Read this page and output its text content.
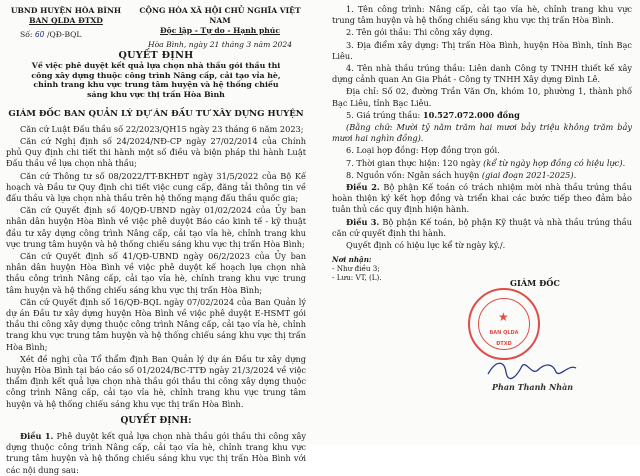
UBND HUYỆN HÒA BÌNH
BAN QLDA ĐTXD
Số: 60 /QĐ-BQL
CỘNG HÒA XÃ HỘI CHỦ NGHĨA VIỆT NAM
Độc lập - Tự do - Hạnh phúc
Hòa Bình, ngày 21 tháng 3 năm 2024
QUYẾT ĐỊNH
Về việc phê duyệt kết quả lựa chọn nhà thầu gói thầu thi công xây dựng thuộc công trình Nâng cấp, cải tạo vỉa hè, chỉnh trang khu vực trung tâm huyện và hệ thống chiếu sáng khu vực thị trấn Hòa Bình
GIÁM ĐỐC BAN QUẢN LÝ DỰ ÁN ĐẦU TƯ XÂY DỰNG HUYỆN

Căn cứ Luật Đấu thầu số 22/2023/QH15 ngày 23 tháng 6 năm 2023;

Căn cứ Nghị định số 24/2024/NĐ-CP ngày 27/02/2014 của Chính phủ Quy định chi tiết thi hành một số điều và biện pháp thi hành Luật Đấu thầu về lựa chọn nhà thầu;

Căn cứ Thông tư số 08/2022/TT-BKHĐT ngày 31/5/2022 của Bộ Kế hoạch và Đầu tư Quy định chi tiết việc cung cấp, đăng tải thông tin về đấu thầu và lựa chọn nhà thầu trên hệ thống mạng đấu thầu quốc gia;

Căn cứ Quyết định số 40/QĐ-UBND ngày 01/02/2024 của Ủy ban nhân dân huyện Hòa Bình về việc phê duyệt Báo cáo kinh tế - kỹ thuật đầu tư xây dựng công trình Nâng cấp, cải tạo vỉa hè, chỉnh trang khu vực trung tâm huyện và hệ thống chiếu sáng khu vực thị trấn Hòa Bình;

Căn cứ Quyết định số 41/QĐ-UBND ngày 06/2/2023 của Ủy ban nhân dân huyện Hòa Bình về việc phê duyệt kế hoạch lựa chọn nhà thầu công trình Nâng cấp, cải tạo vỉa hè, chỉnh trang khu vực trung tâm huyện và hệ thống chiếu sáng khu vực thị trấn Hòa Bình;

Căn cứ Quyết định số 16/QĐ-BQL ngày 07/02/2024 của Ban Quản lý dự án Đầu tư xây dựng huyện Hòa Bình về việc phê duyệt E-HSMT gói thầu thi công xây dựng thuộc công trình Nâng cấp, cải tạo vỉa hè, chỉnh trang khu vực trung tâm huyện và hệ thống chiếu sáng khu vực thị trấn Hòa Bình;

Xét đề nghị của Tổ thẩm định Ban Quản lý dự án Đầu tư xây dựng huyện Hòa Bình tại báo cáo số 01/2024/BC-TTĐ ngày 21/3/2024 về việc thẩm định kết quả lựa chọn nhà thầu gói thầu thi công xây dựng thuộc công trình Nâng cấp, cải tạo vỉa hè, chỉnh trang khu vực trung tâm huyện và hệ thống chiếu sáng khu vực thị trấn Hòa Bình.

QUYẾT ĐỊNH:

Điều 1. Phê duyệt kết quả lựa chọn nhà thầu gói thầu thi công xây dựng thuộc công trình Nâng cấp, cải tạo vỉa hè, chỉnh trang khu vực trung tâm huyện và hệ thống chiếu sáng khu vực thị trấn Hòa Bình với các nội dung sau:

1. Tên công trình: Nâng cấp, cải tạo vỉa hè, chỉnh trang khu vực trung tâm huyện và hệ thống chiếu sáng khu vực thị trấn Hòa Bình.

2. Tên gói thầu: Thi công xây dựng.

3. Địa điểm xây dựng: Thị trấn Hòa Bình, huyện Hòa Bình, tỉnh Bạc Liêu.

4. Tên nhà thầu trúng thầu: Liên danh Công ty TNHH thiết kế xây dựng cảnh quan An Gia Phát - Công ty TNHH Xây dựng Đình Lê.

Địa chỉ: Số 02, đường Trần Văn Ơn, khóm 10, phường 1, thành phố Bạc Liêu, tỉnh Bạc Liêu.

5. Giá trúng thầu: 10.527.072.000 đồng

(Bằng chữ: Mười tỷ năm trăm hai mươi bảy triệu không trăm bảy mươi hai nghìn đồng).

6. Loại hợp đồng: Hợp đồng trọn gói.

7. Thời gian thực hiện: 120 ngày (kể từ ngày hợp đồng có hiệu lực).

8. Nguồn vốn: Ngân sách huyện (giai đoạn 2021-2025).

Điều 2. Bộ phận Kế toán có trách nhiệm mời nhà thầu trúng thầu hoàn thiện ký kết hợp đồng và triển khai các bước tiếp theo đảm bảo tuân thủ các quy định hiện hành.

Điều 3. Bộ phận Kế toán, bộ phận Kỹ thuật và nhà thầu trúng thầu căn cứ quyết định thi hành.

Quyết định có hiệu lực kể từ ngày ký./.

Nơi nhận:
- Như điều 3;
- Lưu: VT, (L).
GIÁM ĐỐC
★
BAN QLDA
ĐTXD
Phan Thanh Nhàn
